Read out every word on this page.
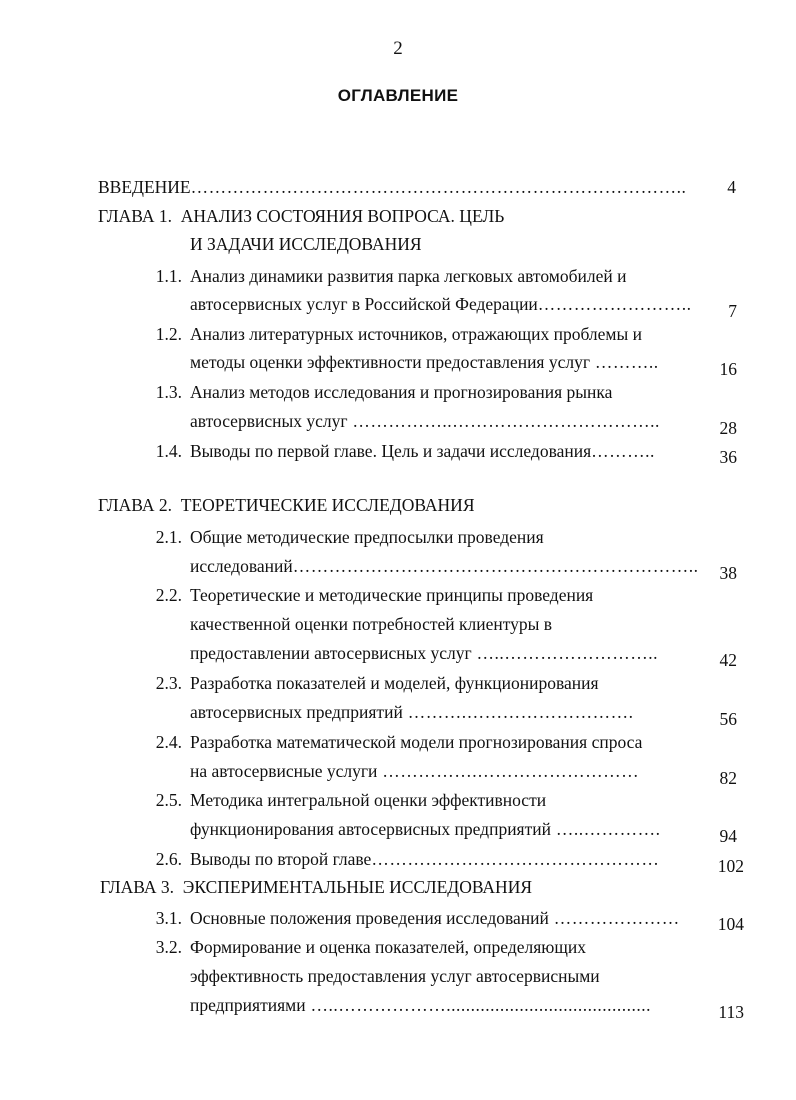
2
ОГЛАВЛЕНИЕ
ВВЕДЕНИЕ………………………………………………………………………..	4
ГЛАВА 1. АНАЛИЗ СОСТОЯНИЯ ВОПРОСА. ЦЕЛЬ
И ЗАДАЧИ ИССЛЕДОВАНИЯ
1.1. Анализ динамики развития парка легковых автомобилей и
автосервисных услуг в Российской Федерации……………………..	7
1.2. Анализ литературных источников, отражающих проблемы и
методы оценки эффективности предоставления услуг ………..	16
1.3. Анализ методов исследования и прогнозирования рынка
автосервисных услуг ……………..……………………………..	28
1.4. Выводы по первой главе. Цель и задачи исследования………..	36
ГЛАВА 2. ТЕОРЕТИЧЕСКИЕ ИССЛЕДОВАНИЯ
2.1. Общие методические предпосылки проведения
исследований…………………………………………………………..	38
2.2. Теоретические и методические принципы проведения
качественной оценки потребностей клиентуры в
предоставлении автосервисных услуг …..……………………..	42
2.3. Разработка показателей и моделей, функционирования
автосервисных предприятий ……….……………………….	56
2.4. Разработка математической модели прогнозирования спроса
на автосервисные услуги …………….………………………	82
2.5. Методика интегральной оценки эффективности
функционирования автосервисных предприятий …..………….	94
2.6. Выводы по второй главе…………………………………………	102
ГЛАВА 3. ЭКСПЕРИМЕНТАЛЬНЫЕ ИССЛЕДОВАНИЯ
3.1. Основные положения проведения исследований …………………	104
3.2. Формирование и оценка показателей, определяющих
эффективность предоставления услуг автосервисными
предприятиями …..………………..........................................	113
